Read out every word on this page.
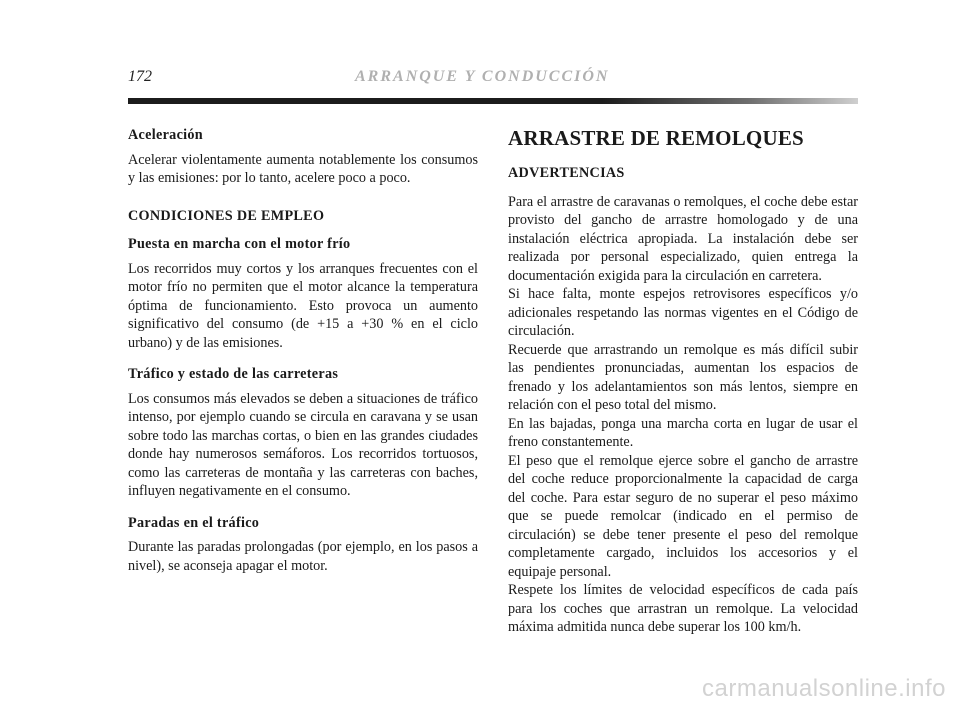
172	ARRANQUE Y CONDUCCIÓN

Aceleración

Acelerar violentamente aumenta notablemente los consumos y las emisiones: por lo tanto, acelere poco a poco.

CONDICIONES DE EMPLEO

Puesta en marcha con el motor frío

Los recorridos muy cortos y los arranques frecuentes con el motor frío no permiten que el motor alcance la temperatura óptima de funcionamiento. Esto provoca un aumento significativo del consumo (de +15 a +30 % en el ciclo urbano) y de las emisiones.

Tráfico y estado de las carreteras

Los consumos más elevados se deben a situaciones de tráfico intenso, por ejemplo cuando se circula en caravana y se usan sobre todo las marchas cortas, o bien en las grandes ciudades donde hay numerosos semáforos. Los recorridos tortuosos, como las carreteras de montaña y las carreteras con baches, influyen negativamente en el consumo.

Paradas en el tráfico

Durante las paradas prolongadas (por ejemplo, en los pasos a nivel), se aconseja apagar el motor.

ARRASTRE DE REMOLQUES

ADVERTENCIAS

Para el arrastre de caravanas o remolques, el coche debe estar provisto del gancho de arrastre homologado y de una instalación eléctrica apropiada. La instalación debe ser realizada por personal especializado, quien entrega la documentación exigida para la circulación en carretera.

Si hace falta, monte espejos retrovisores específicos y/o adicionales respetando las normas vigentes en el Código de circulación.

Recuerde que arrastrando un remolque es más difícil subir las pendientes pronunciadas, aumentan los espacios de frenado y los adelantamientos son más lentos, siempre en relación con el peso total del mismo.

En las bajadas, ponga una marcha corta en lugar de usar el freno constantemente.

El peso que el remolque ejerce sobre el gancho de arrastre del coche reduce proporcionalmente la capacidad de carga del coche. Para estar seguro de no superar el peso máximo que se puede remolcar (indicado en el permiso de circulación) se debe tener presente el peso del remolque completamente cargado, incluidos los accesorios y el equipaje personal.

Respete los límites de velocidad específicos de cada país para los coches que arrastran un remolque. La velocidad máxima admitida nunca debe superar los 100 km/h.

carmanualsonline.info
